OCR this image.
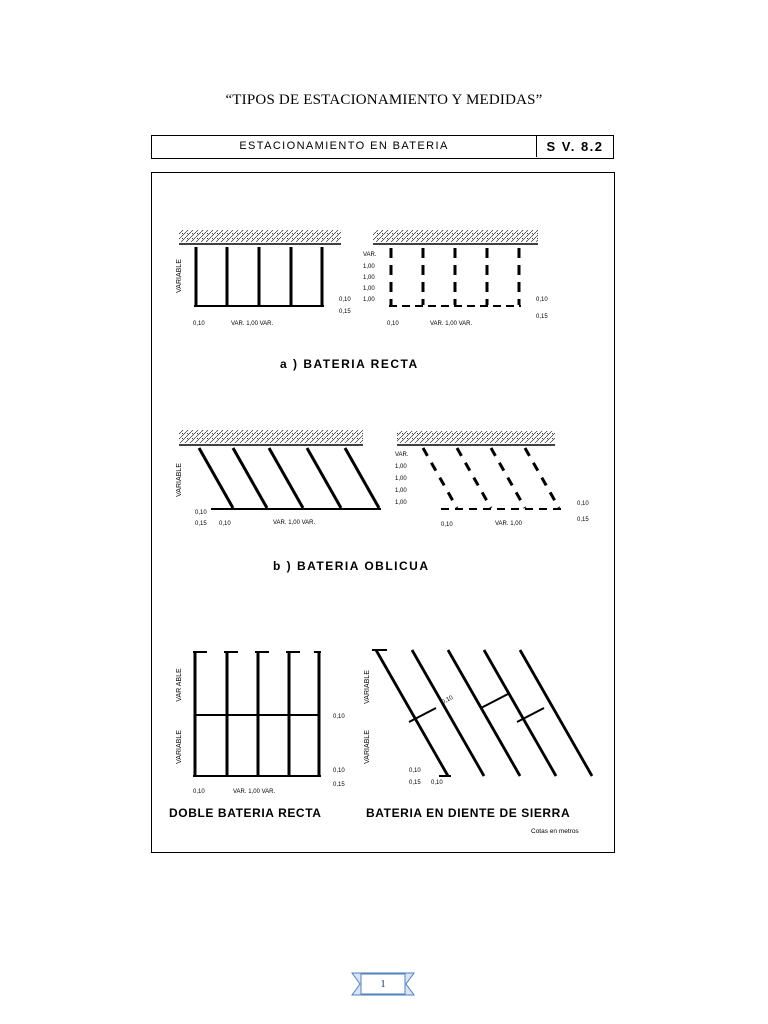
“TIPOS DE ESTACIONAMIENTO Y MEDIDAS”
ESTACIONAMIENTO EN BATERIA	S V. 8.2
VARIABLE
0,10
0,15
0,10	VAR. 1,00 VAR.
VAR.
1,00
1,00
1,00
1,00	0,10
0,15
0,10	VAR. 1,00 VAR.
a ) BATERIA RECTA
VARIABLE
0,10
0,15 0,10	VAR. 1,00 VAR.
VAR.
1,00
1,00
1,00
1,00	0,10
0,15
0,10	VAR. 1,00
b ) BATERIA OBLICUA
VAR ABLE
VARIABLE
0,10
0,10
0,15
0,10	VAR. 1,00 VAR.
DOBLE BATERIA RECTA
VARIABLE
VARIABLE
0,10
0,10
0,15 0,10
BATERIA EN DIENTE DE SIERRA
Cotas en metros
1
